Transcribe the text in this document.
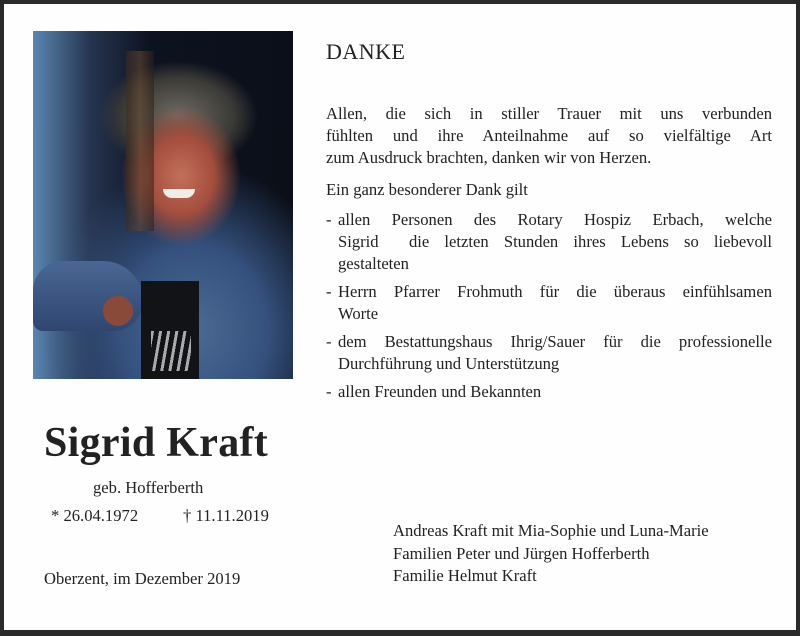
DANKE
Allen, die sich in stiller Trauer mit uns verbunden
fühlten und ihre Anteilnahme auf so vielfältige Art
zum Ausdruck brachten, danken wir von Herzen.
Ein ganz besonderer Dank gilt
- allen Personen des Rotary Hospiz Erbach, welche
Sigrid  die letzten Stunden ihres Lebens so liebevoll
gestalteten
- Herrn Pfarrer Frohmuth für die überaus einfühlsamen
Worte
- dem Bestattungshaus Ihrig/Sauer für die professionelle
Durchführung und Unterstützung
- allen Freunden und Bekannten
Sigrid Kraft
geb. Hofferberth
* 26.04.1972	† 11.11.2019
Oberzent, im Dezember 2019
Andreas Kraft mit Mia-Sophie und Luna-Marie
Familien Peter und Jürgen Hofferberth
Familie Helmut Kraft
